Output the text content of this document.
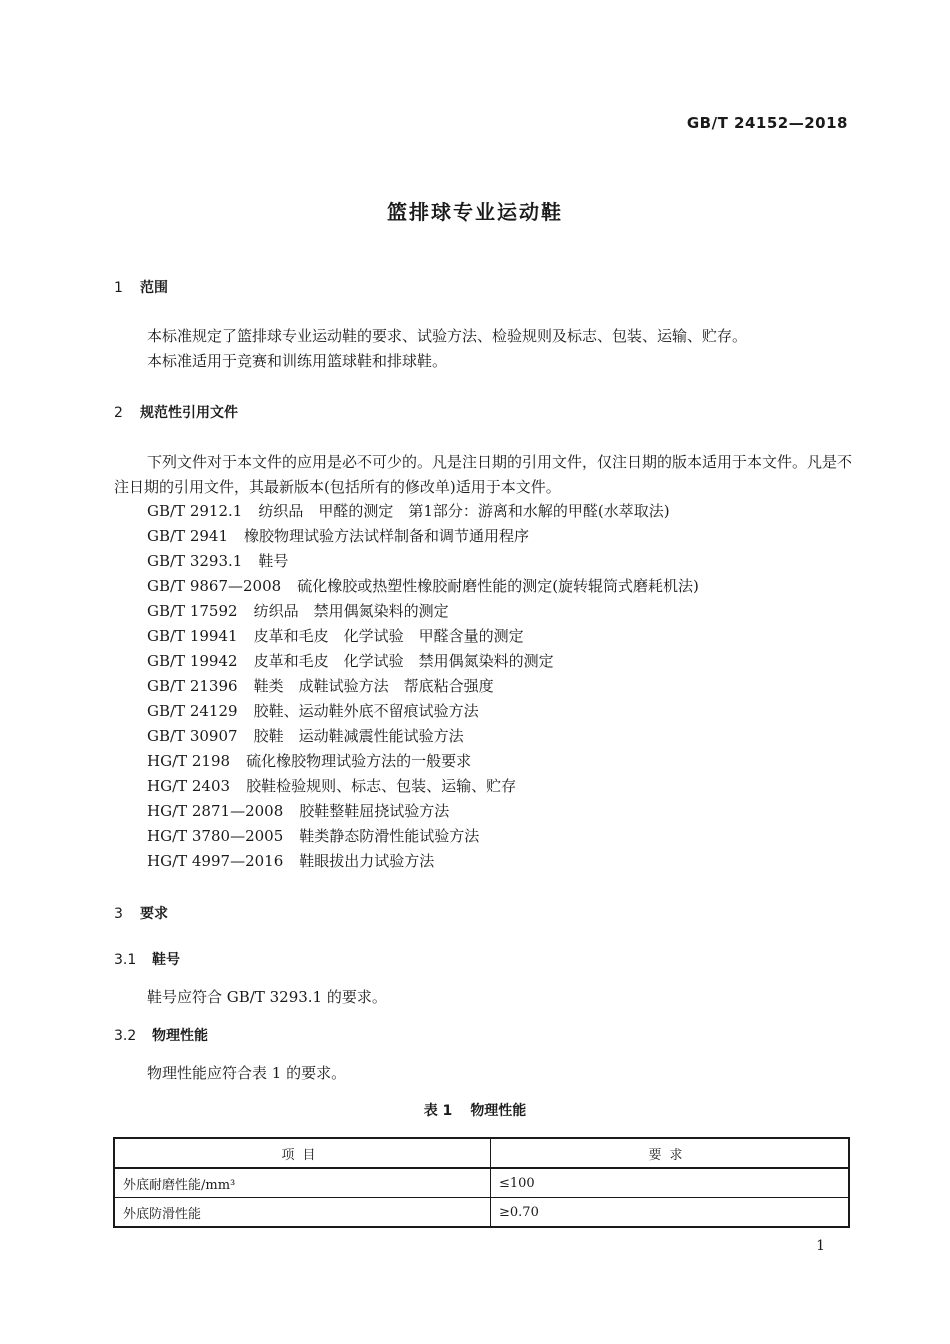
GB/T 24152—2018
篮排球专业运动鞋
1 范围
本标准规定了篮排球专业运动鞋的要求、试验方法、检验规则及标志、包装、运输、贮存。
本标准适用于竞赛和训练用篮球鞋和排球鞋。
2 规范性引用文件
下列文件对于本文件的应用是必不可少的。凡是注日期的引用文件，仅注日期的版本适用于本文件。凡是不注日期的引用文件，其最新版本(包括所有的修改单)适用于本文件。
GB/T 2912.1 纺织品　甲醛的测定　第1部分：游离和水解的甲醛(水萃取法)
GB/T 2941 橡胶物理试验方法试样制备和调节通用程序
GB/T 3293.1 鞋号
GB/T 9867—2008 硫化橡胶或热塑性橡胶耐磨性能的测定(旋转辊筒式磨耗机法)
GB/T 17592 纺织品　禁用偶氮染料的测定
GB/T 19941 皮革和毛皮　化学试验　甲醛含量的测定
GB/T 19942 皮革和毛皮　化学试验　禁用偶氮染料的测定
GB/T 21396 鞋类　成鞋试验方法　帮底粘合强度
GB/T 24129 胶鞋、运动鞋外底不留痕试验方法
GB/T 30907 胶鞋　运动鞋减震性能试验方法
HG/T 2198 硫化橡胶物理试验方法的一般要求
HG/T 2403 胶鞋检验规则、标志、包装、运输、贮存
HG/T 2871—2008 胶鞋整鞋屈挠试验方法
HG/T 3780—2005 鞋类静态防滑性能试验方法
HG/T 4997—2016 鞋眼拔出力试验方法
3 要求
3.1 鞋号
鞋号应符合 GB/T 3293.1 的要求。
3.2 物理性能
物理性能应符合表 1 的要求。
表 1 物理性能
项目	要求
外底耐磨性能/mm³	≤100
外底防滑性能	≥0.70
1
